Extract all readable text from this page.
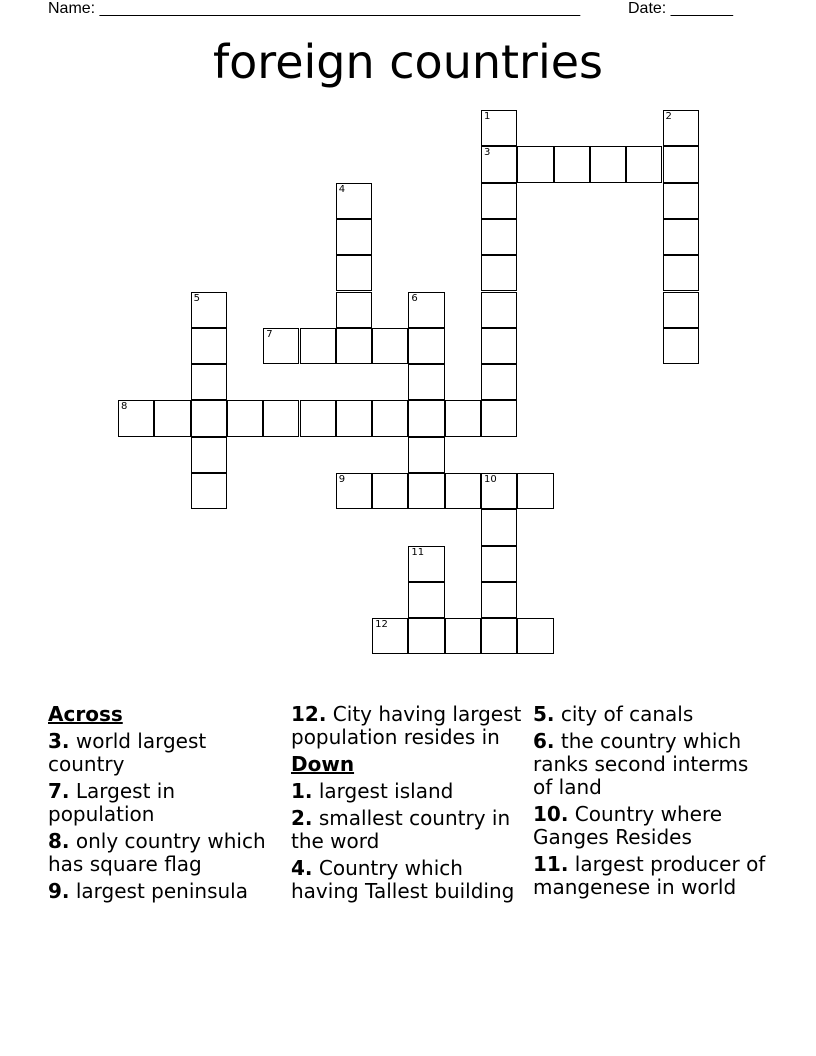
Name: ______________________________________________________	Date: _______
foreign countries
1
3
2
4
5	6
7
8
9	10
11
12
Across
3. world largest country
7. Largest in population
8. only country which has square flag
9. largest peninsula
12. City having largest population resides in
Down
1. largest island
2. smallest country in the word
4. Country which having Tallest building
5. city of canals
6. the country which ranks second interms of land
10. Country where Ganges Resides
11. largest producer of mangenese in world
